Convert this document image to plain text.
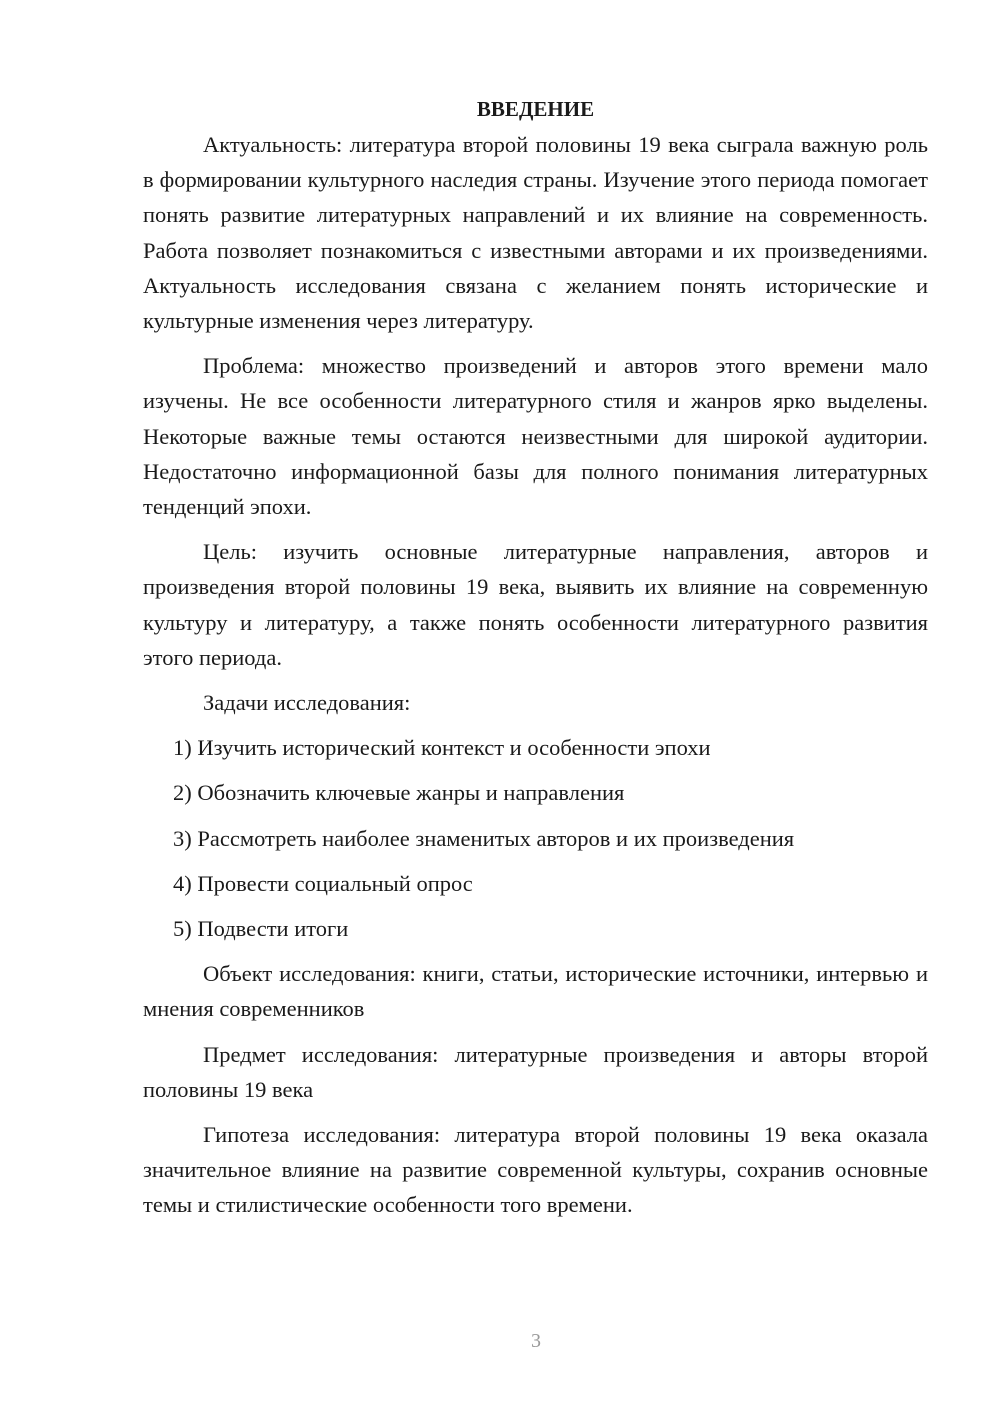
ВВЕДЕНИЕ

Актуальность: литература второй половины 19 века сыграла важную роль в формировании культурного наследия страны. Изучение этого периода помогает понять развитие литературных направлений и их влияние на современность. Работа позволяет познакомиться с известными авторами и их произведениями. Актуальность исследования связана с желанием понять исторические и культурные изменения через литературу.

Проблема: множество произведений и авторов этого времени мало изучены. Не все особенности литературного стиля и жанров ярко выделены. Некоторые важные темы остаются неизвестными для широкой аудитории. Недостаточно информационной базы для полного понимания литературных тенденций эпохи.

Цель: изучить основные литературные направления, авторов и произведения второй половины 19 века, выявить их влияние на современную культуру и литературу, а также понять особенности литературного развития этого периода.

Задачи исследования:

1) Изучить исторический контекст и особенности эпохи
2) Обозначить ключевые жанры и направления
3) Рассмотреть наиболее знаменитых авторов и их произведения
4) Провести социальный опрос
5) Подвести итоги

Объект исследования: книги, статьи, исторические источники, интервью и мнения современников

Предмет исследования: литературные произведения и авторы второй половины 19 века

Гипотеза исследования: литература второй половины 19 века оказала значительное влияние на развитие современной культуры, сохранив основные темы и стилистические особенности того времени.

3
